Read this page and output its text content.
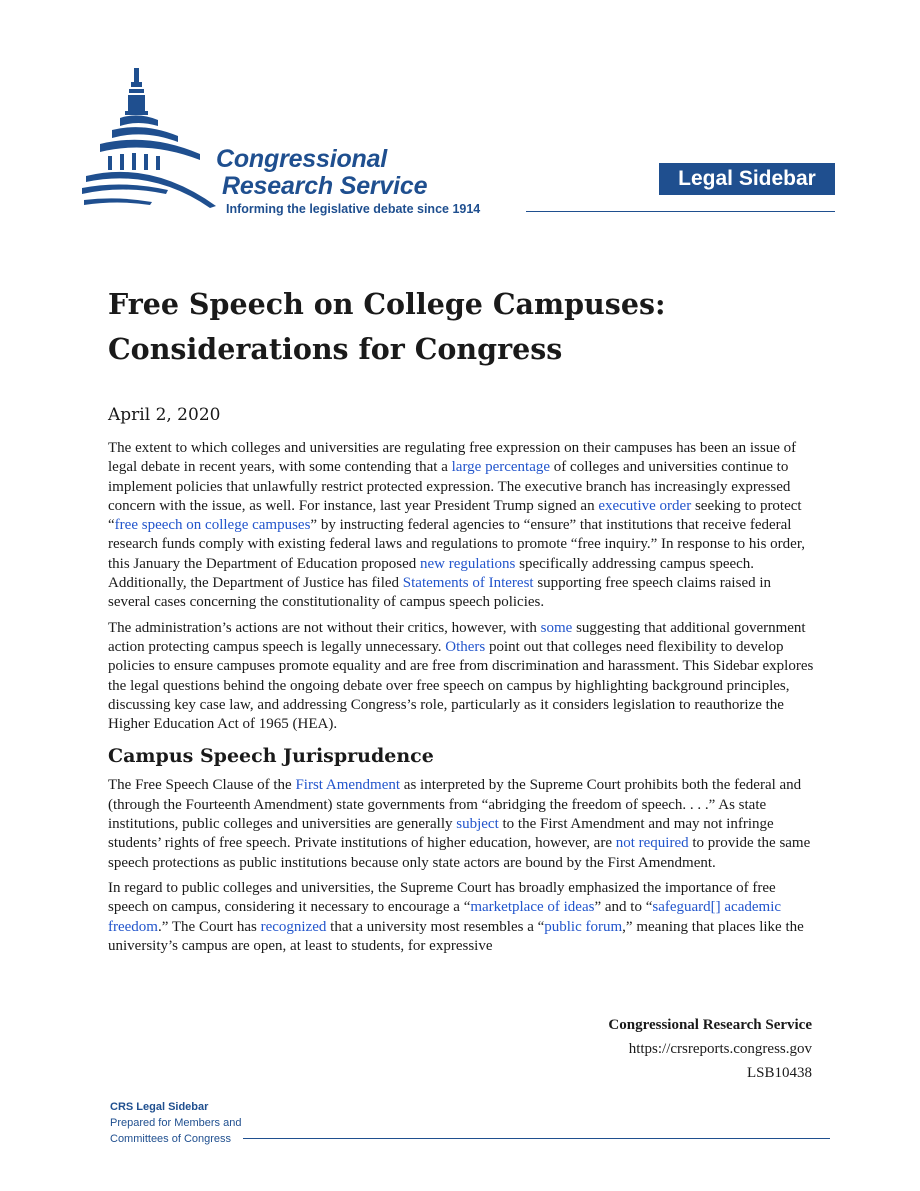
Congressional
Research Service
Informing the legislative debate since 1914
Legal Sidebar
Free Speech on College Campuses:
Considerations for Congress
April 2, 2020

The extent to which colleges and universities are regulating free expression on their campuses has been an issue of legal debate in recent years, with some contending that a large percentage of colleges and universities continue to implement policies that unlawfully restrict protected expression. The executive branch has increasingly expressed concern with the issue, as well. For instance, last year President Trump signed an executive order seeking to protect “free speech on college campuses” by instructing federal agencies to “ensure” that institutions that receive federal research funds comply with existing federal laws and regulations to promote “free inquiry.” In response to his order, this January the Department of Education proposed new regulations specifically addressing campus speech. Additionally, the Department of Justice has filed Statements of Interest supporting free speech claims raised in several cases concerning the constitutionality of campus speech policies.

The administration’s actions are not without their critics, however, with some suggesting that additional government action protecting campus speech is legally unnecessary. Others point out that colleges need flexibility to develop policies to ensure campuses promote equality and are free from discrimination and harassment. This Sidebar explores the legal questions behind the ongoing debate over free speech on campus by highlighting background principles, discussing key case law, and addressing Congress’s role, particularly as it considers legislation to reauthorize the Higher Education Act of 1965 (HEA).

Campus Speech Jurisprudence

The Free Speech Clause of the First Amendment as interpreted by the Supreme Court prohibits both the federal and (through the Fourteenth Amendment) state governments from “abridging the freedom of speech. . . .” As state institutions, public colleges and universities are generally subject to the First Amendment and may not infringe students’ rights of free speech. Private institutions of higher education, however, are not required to provide the same speech protections as public institutions because only state actors are bound by the First Amendment.

In regard to public colleges and universities, the Supreme Court has broadly emphasized the importance of free speech on campus, considering it necessary to encourage a “marketplace of ideas” and to “safeguard[] academic freedom.” The Court has recognized that a university most resembles a “public forum,” meaning that places like the university’s campus are open, at least to students, for expressive

Congressional Research Service
https://crsreports.congress.gov
LSB10438
CRS Legal Sidebar
Prepared for Members and
Committees of Congress
